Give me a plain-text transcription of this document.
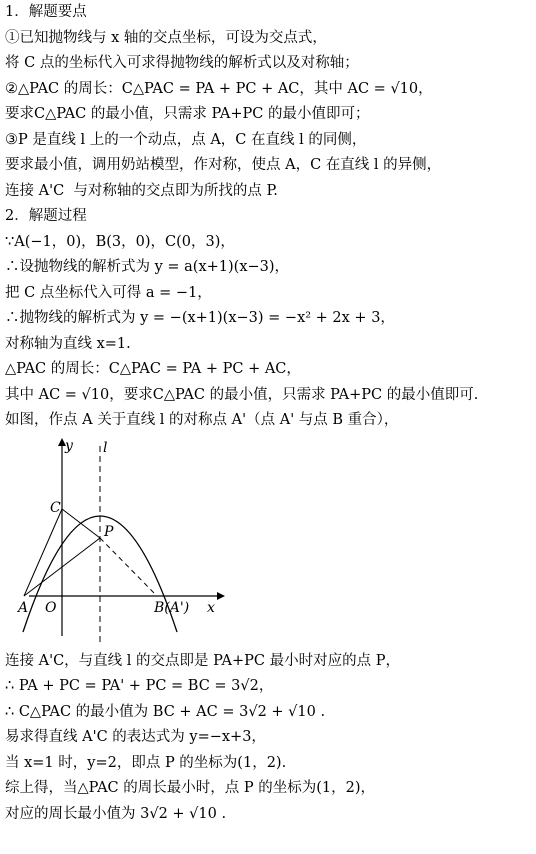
1．解题要点
①已知抛物线与 x 轴的交点坐标，可设为交点式，
将 C 点的坐标代入可求得抛物线的解析式以及对称轴；
②△PAC 的周长：C△PAC = PA + PC + AC，其中 AC = √10，
要求C△PAC 的最小值，只需求 PA+PC 的最小值即可；
③P 是直线 l 上的一个动点，点 A，C 在直线 l 的同侧，
要求最小值，调用奶站模型，作对称，使点 A，C 在直线 l 的异侧，
连接 A'C  与对称轴的交点即为所找的点 P.
2．解题过程
∵A(−1，0)，B(3，0)，C(0，3)，
∴设抛物线的解析式为 y = a(x+1)(x−3)，
把 C 点坐标代入可得 a = −1，
∴抛物线的解析式为 y = −(x+1)(x−3) = −x² + 2x + 3，
对称轴为直线 x=1.
△PAC 的周长：C△PAC = PA + PC + AC，
其中 AC = √10，要求C△PAC 的最小值，只需求 PA+PC 的最小值即可.
如图，作点 A 关于直线 l 的对称点 A'（点 A' 与点 B 重合），
y
x
l
C
P
A O	B(A')
连接 A'C，与直线 l 的交点即是 PA+PC 最小时对应的点 P，
∴ PA + PC = PA' + PC = BC = 3√2，
∴ C△PAC 的最小值为 BC + AC = 3√2 + √10 .
易求得直线 A'C 的表达式为 y=−x+3，
当 x=1 时，y=2，即点 P 的坐标为(1，2).
综上得，当△PAC 的周长最小时，点 P 的坐标为(1，2)，
对应的周长最小值为 3√2 + √10 .
